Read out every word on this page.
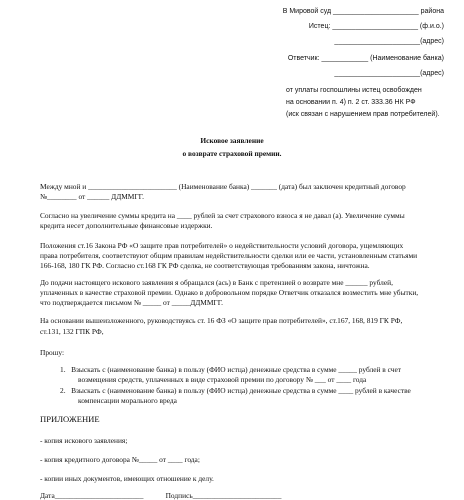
В Мировой суд ______________________ района
Истец: ______________________ (ф.и.о.)
______________________(адрес)
Ответчик: ____________ (Наименование банка)
______________________(адрес)
от уплаты госпошлины истец освобожден
на основании п. 4) п. 2 ст. 333.36 НК РФ
(иск связан с нарушением прав потребителей).
Исковое заявление
о возврате страховой премии.
Между мной и ________________________ (Наименование банка) _______ (дата) был заключен кредитный договор
№________ от ______ ДДММГГ.
Согласно на увеличение суммы кредита на ____ рублей за счет страхового взноса я не давал (а). Увеличение суммы
кредита несет дополнительные финансовые издержки.
Положения ст.16 Закона РФ «О защите прав потребителей» о недействительности условий договора, ущемляющих
права потребителя, соответствуют общим правилам недействительности сделки или ее части, установленным статьями
166-168, 180 ГК РФ. Согласно ст.168 ГК РФ сделка, не соответствующая требованиям закона, ничтожна.
До подачи настоящего искового заявления я обращался (ась) в Банк с претензией о возврате мне ______ рублей,
уплаченных в качестве страховой премии. Однако в добровольном порядке Ответчик отказался возместить мне убытки,
что подтверждается письмом № _____ от _____ДДММГГ.
На основании вышеизложенного, руководствуясь ст. 16 ФЗ «О защите прав потребителей», ст.167, 168, 819 ГК РФ,
ст.131, 132 ГПК РФ,
Прошу:
1.   Взыскать с (наименование банка) в пользу (ФИО истца) денежные средства в сумме _____ рублей в счет
возмещения средств, уплаченных в виде страховой премии по договору № ___ от ____ года
2.   Взыскать с (наименование банка) в пользу (ФИО истца) денежные средства в сумме ____ рублей в качестве
компенсации морального вреда
ПРИЛОЖЕНИЕ
- копия искового заявления;
- копия кредитного договора №_____ от ____ года;
- копии иных документов, имеющих отношение к делу.
Дата________________________            Подпись________________________
